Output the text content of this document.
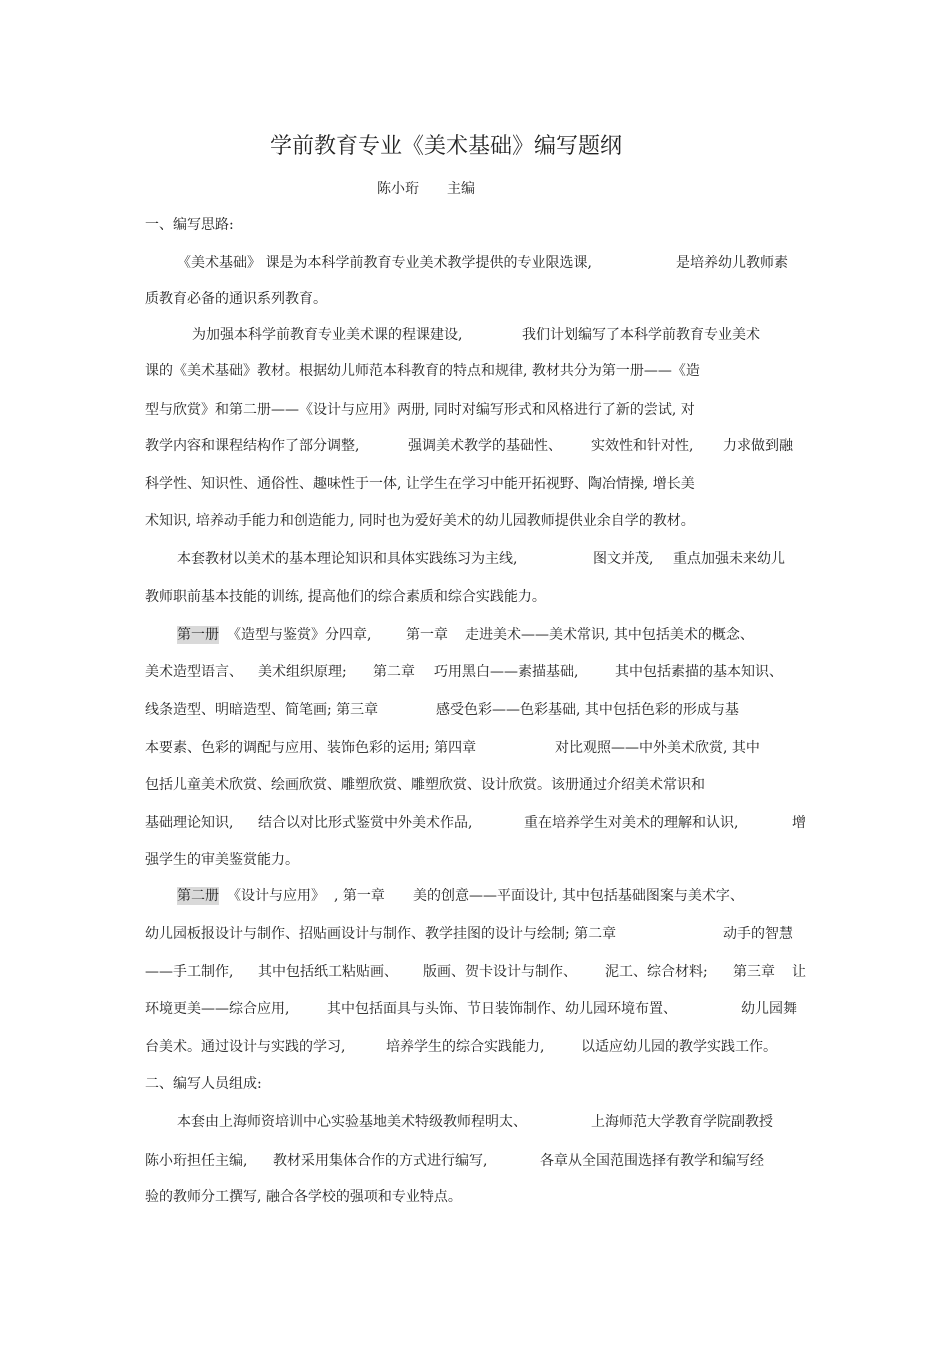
学前教育专业《美术基础》编写题纲
陈小珩 主编
一、编写思路:
《美术基础》 课是为本科学前教育专业美术教学提供的专业限选课,	是培养幼儿教师素
质教育必备的通识系列教育。
为加强本科学前教育专业美术课的程课建设,	我们计划编写了本科学前教育专业美术
课的《美术基础》教材。根据幼儿师范本科教育的特点和规律, 教材共分为第一册——《造
型与欣赏》和第二册——《设计与应用》两册, 同时对编写形式和风格进行了新的尝试, 对
教学内容和课程结构作了部分调整,	强调美术教学的基础性、 实效性和针对性, 力求做到融
科学性、知识性、通俗性、趣味性于一体, 让学生在学习中能开拓视野、陶冶情操, 增长美
术知识, 培养动手能力和创造能力, 同时也为爱好美术的幼儿园教师提供业余自学的教材。
本套教材以美术的基本理论知识和具体实践练习为主线,	图文并茂, 重点加强未来幼儿
教师职前基本技能的训练, 提高他们的综合素质和综合实践能力。
第一册 《造型与鉴赏》分四章, 第一章 走进美术——美术常识, 其中包括美术的概念、
美术造型语言、 美术组织原理; 第二章 巧用黑白——素描基础,	其中包括素描的基本知识、
线条造型、明暗造型、简笔画; 第三章	感受色彩——色彩基础, 其中包括色彩的形成与基
本要素、色彩的调配与应用、装饰色彩的运用; 第四章	对比观照——中外美术欣赏, 其中
包括儿童美术欣赏、绘画欣赏、雕塑欣赏、雕塑欣赏、设计欣赏。该册通过介绍美术常识和
基础理论知识, 结合以对比形式鉴赏中外美术作品,	重在培养学生对美术的理解和认识,	增
强学生的审美鉴赏能力。
第二册 《设计与应用》 , 第一章 美的创意——平面设计, 其中包括基础图案与美术字、
幼儿园板报设计与制作、招贴画设计与制作、教学挂图的设计与绘制; 第二章	动手的智慧
——手工制作, 其中包括纸工粘贴画、 版画、贺卡设计与制作、 泥工、综合材料; 第三章 让
环境更美——综合应用,	其中包括面具与头饰、节日装饰制作、幼儿园环境布置、	幼儿园舞
台美术。通过设计与实践的学习,	培养学生的综合实践能力,	以适应幼儿园的教学实践工作。
二、编写人员组成:
本套由上海师资培训中心实验基地美术特级教师程明太、	上海师范大学教育学院副教授
陈小珩担任主编, 教材采用集体合作的方式进行编写,	各章从全国范围选择有教学和编写经
验的教师分工撰写, 融合各学校的强项和专业特点。
